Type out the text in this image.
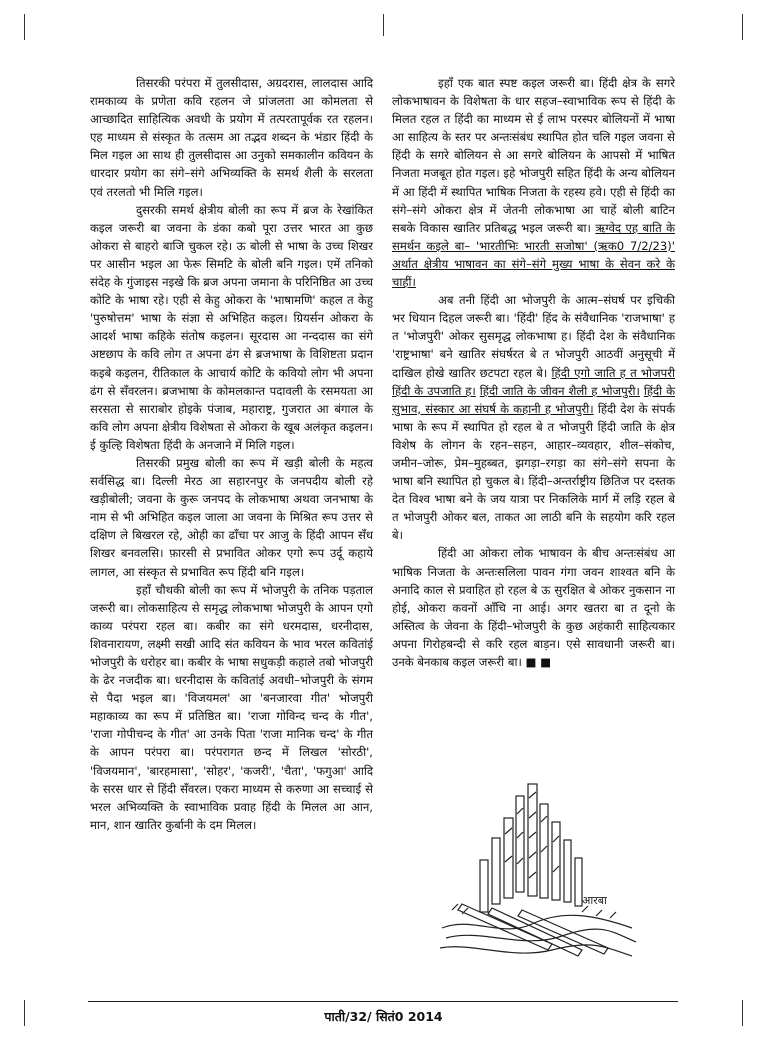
तिसरकी परंपरा में तुलसीदास, अग्रदरास, लालदास आदि रामकाव्य के प्रणेता कवि रहलन जे प्रांजलता आ कोमलता से आच्छादित साहित्यिक अवधी के प्रयोग में तत्परतापूर्वक रत रहलन। एह माध्यम से संस्कृत के तत्सम आ तद्भव शब्दन के भंडार हिंदी के मिल गइल आ साथ ही तुलसीदास आ उनुको समकालीन कवियन के धारदार प्रयोग का संगे–संगे अभिव्यक्ति के समर्थ शैली के सरलता एवं तरलतो भी मिलि गइल।

दुसरकी समर्थ क्षेत्रीय बोली का रूप में ब्रज के रेखांकित कइल जरूरी बा जवना के डंका कबो पूरा उत्तर भारत आ कुछ ओकरा से बाहरो बाजि चुकल रहे। ऊ बोली से भाषा के उच्च शिखर पर आसीन भइल आ फेरू सिमटि के बोली बनि गइल। एमें तनिको संदेह के गुंजाइस नइखे कि ब्रज अपना जमाना के परिनिष्ठित आ उच्च कोटि के भाषा रहे। एही से केहु ओकरा के 'भाषामणि' कहल त केहु 'पुरुषोत्तम' भाषा के संज्ञा से अभिहित कइल। ग्रियर्सन ओकरा के आदर्श भाषा कहिके संतोष कइलन। सूरदास आ नन्ददास का संगे अष्टछाप के कवि लोग त अपना ढंग से ब्रजभाषा के विशिष्टता प्रदान कइबे कइलन, रीतिकाल के आचार्य कोटि के कवियो लोग भी अपना ढंग से सँवरलन। ब्रजभाषा के कोमलकान्त पदावली के रसमयता आ सरसता से साराबोर होइके पंजाब, महाराष्ट्र, गुजरात आ बंगाल के कवि लोग अपना क्षेत्रीय विशेषता से ओकरा के खूब अलंकृत कइलन। ई कुल्हि विशेषता हिंदी के अनजाने में मिलि गइल।

तिसरकी प्रमुख बोली का रूप में खड़ी बोली के महत्व सर्वसिद्ध बा। दिल्ली मेरठ आ सहारनपुर के जनपदीय बोली रहे खड़ीबोली; जवना के कुरू जनपद के लोकभाषा अथवा जनभाषा के नाम से भी अभिहित कइल जाला आ जवना के मिश्रित रूप उत्तर से दक्षिण ले बिखरल रहे, ओही का ढाँचा पर आजु के हिंदी आपन सँध शिखर बनवलसि। फ़ारसी से प्रभावित ओकर एगो रूप उर्दू कहाये लागल, आ संस्कृत से प्रभावित रूप हिंदी बनि गइल।

इहाँ चौथकी बोली का रूप में भोजपुरी के तनिक पड़ताल जरूरी बा। लोकसाहित्य से समृद्ध लोकभाषा भोजपुरी के आपन एगो काव्य परंपरा रहल बा। कबीर का संगे धरमदास, धरनीदास, शिवनारायण, लक्ष्मी सखी आदि संत कवियन के भाव भरल कवितांई भोजपुरी के धरोहर बा। कबीर के भाषा सधुकड़ी कहाले तबो भोजपुरी के ढेर नजदीक बा। धरनीदास के कवितांई अवधी–भोजपुरी के संगम से पैदा भइल बा। 'विजयमल' आ 'बनजारवा गीत' भोजपुरी महाकाव्य का रूप में प्रतिष्ठित बा। 'राजा गोविन्द चन्द के गीत', 'राजा गोपीचन्द के गीत' आ उनके पिता 'राजा मानिक चन्द' के गीत के आपन परंपरा बा। परंपरागत छन्द में लिखल 'सोरठी', 'विजयमान', 'बारहमासा', 'सोहर', 'कजरी', 'चैता', 'फगुआ' आदि के सरस धार से हिंदी सँवरल। एकरा माध्यम से करुणा आ सच्चाई से भरल अभिव्यक्ति के स्वाभाविक प्रवाह हिंदी के मिलल आ आन, मान, शान खातिर कुर्बानी के दम मिलल।

इहाँ एक बात स्पष्ट कइल जरूरी बा। हिंदी क्षेत्र के सगरे लोकभाषावन के विशेषता के धार सहज–स्वाभाविक रूप से हिंदी के मिलत रहल त हिंदी का माध्यम से ई लाभ परस्पर बोलियनों में भाषा आ साहित्य के स्तर पर अन्तःसंबंध स्थापित होत चलि गइल जवना से हिंदी के सगरे बोलियन से आ सगरे बोलियन के आपसो में भाषित निजता मजबूत होत गइल। इहे भोजपुरी सहित हिंदी के अन्य बोलियन में आ हिंदी में स्थापित भाषिक निजता के रहस्य हवे। एही से हिंदी का संगे–संगे ओकरा क्षेत्र में जेतनी लोकभाषा आ चाहें बोली बाटिन सबके विकास खातिर प्रतिबद्ध भइल जरूरी बा। ऋग्वेद एह बाति के समर्थन कइले बा– 'भारतीभिः भारती सजोषा' (ऋक0 7/2/23)' अर्थात क्षेत्रीय भाषावन का संगे–संगे मुख्य भाषा के सेवन करे के चाहीं।

अब तनी हिंदी आ भोजपुरी के आत्म–संघर्ष पर इचिकी भर धियान दिहल जरूरी बा। 'हिंदी' हिंद के संवैधानिक 'राजभाषा' ह त 'भोजपुरी' ओकर सुसमृद्ध लोकभाषा ह। हिंदी देश के संवैधानिक 'राष्ट्रभाषा' बने खातिर संघर्षरत बे त भोजपुरी आठवीं अनुसूची में दाखिल होखे खातिर छटपटा रहल बे। हिंदी एगो जाति ह त भोजपरी हिंदी के उपजाति ह। हिंदी जाति के जीवन शैली ह भोजपुरी। हिंदी के सुभाव, संस्कार आ संघर्ष के कहानी ह भोजपुरी। हिंदी देश के संपर्क भाषा के रूप में स्थापित हो रहल बे त भोजपुरी हिंदी जाति के क्षेत्र विशेष के लोगन के रहन–सहन, आहार–व्यवहार, शील–संकोच, जमीन–जोरू, प्रेम–मुहब्बत, झगड़ा–रगड़ा का संगे–संगे सपना के भाषा बनि स्थापित हो चुकल बे। हिंदी–अन्तर्राष्ट्रीय छितिज पर दस्तक देत विश्व भाषा बने के जय यात्रा पर निकलिके मार्ग में लड़ि रहल बे त भोजपुरी ओकर बल, ताकत आ लाठी बनि के सहयोग करि रहल बे।

हिंदी आ ओकरा लोक भाषावन के बीच अन्तःसंबंध आ भाषिक निजता के अन्तःसलिला पावन गंगा जवन शाश्वत बनि के अनादि काल से प्रवाहित हो रहल बे ऊ सुरक्षित बे ओकर नुकसान ना होई, ओकरा कवनों आँचि ना आई। अगर खतरा बा त दूनो के अस्तित्व के जेवना के हिंदी–भोजपुरी के कुछ अहंकारी साहित्यकार अपना गिरोहबन्दी से करि रहल बाड़न। एसे सावधानी जरूरी बा। उनके बेनकाब कइल जरूरी बा। ■ ■

आरबा
पाती/32/ सितं0 2014
